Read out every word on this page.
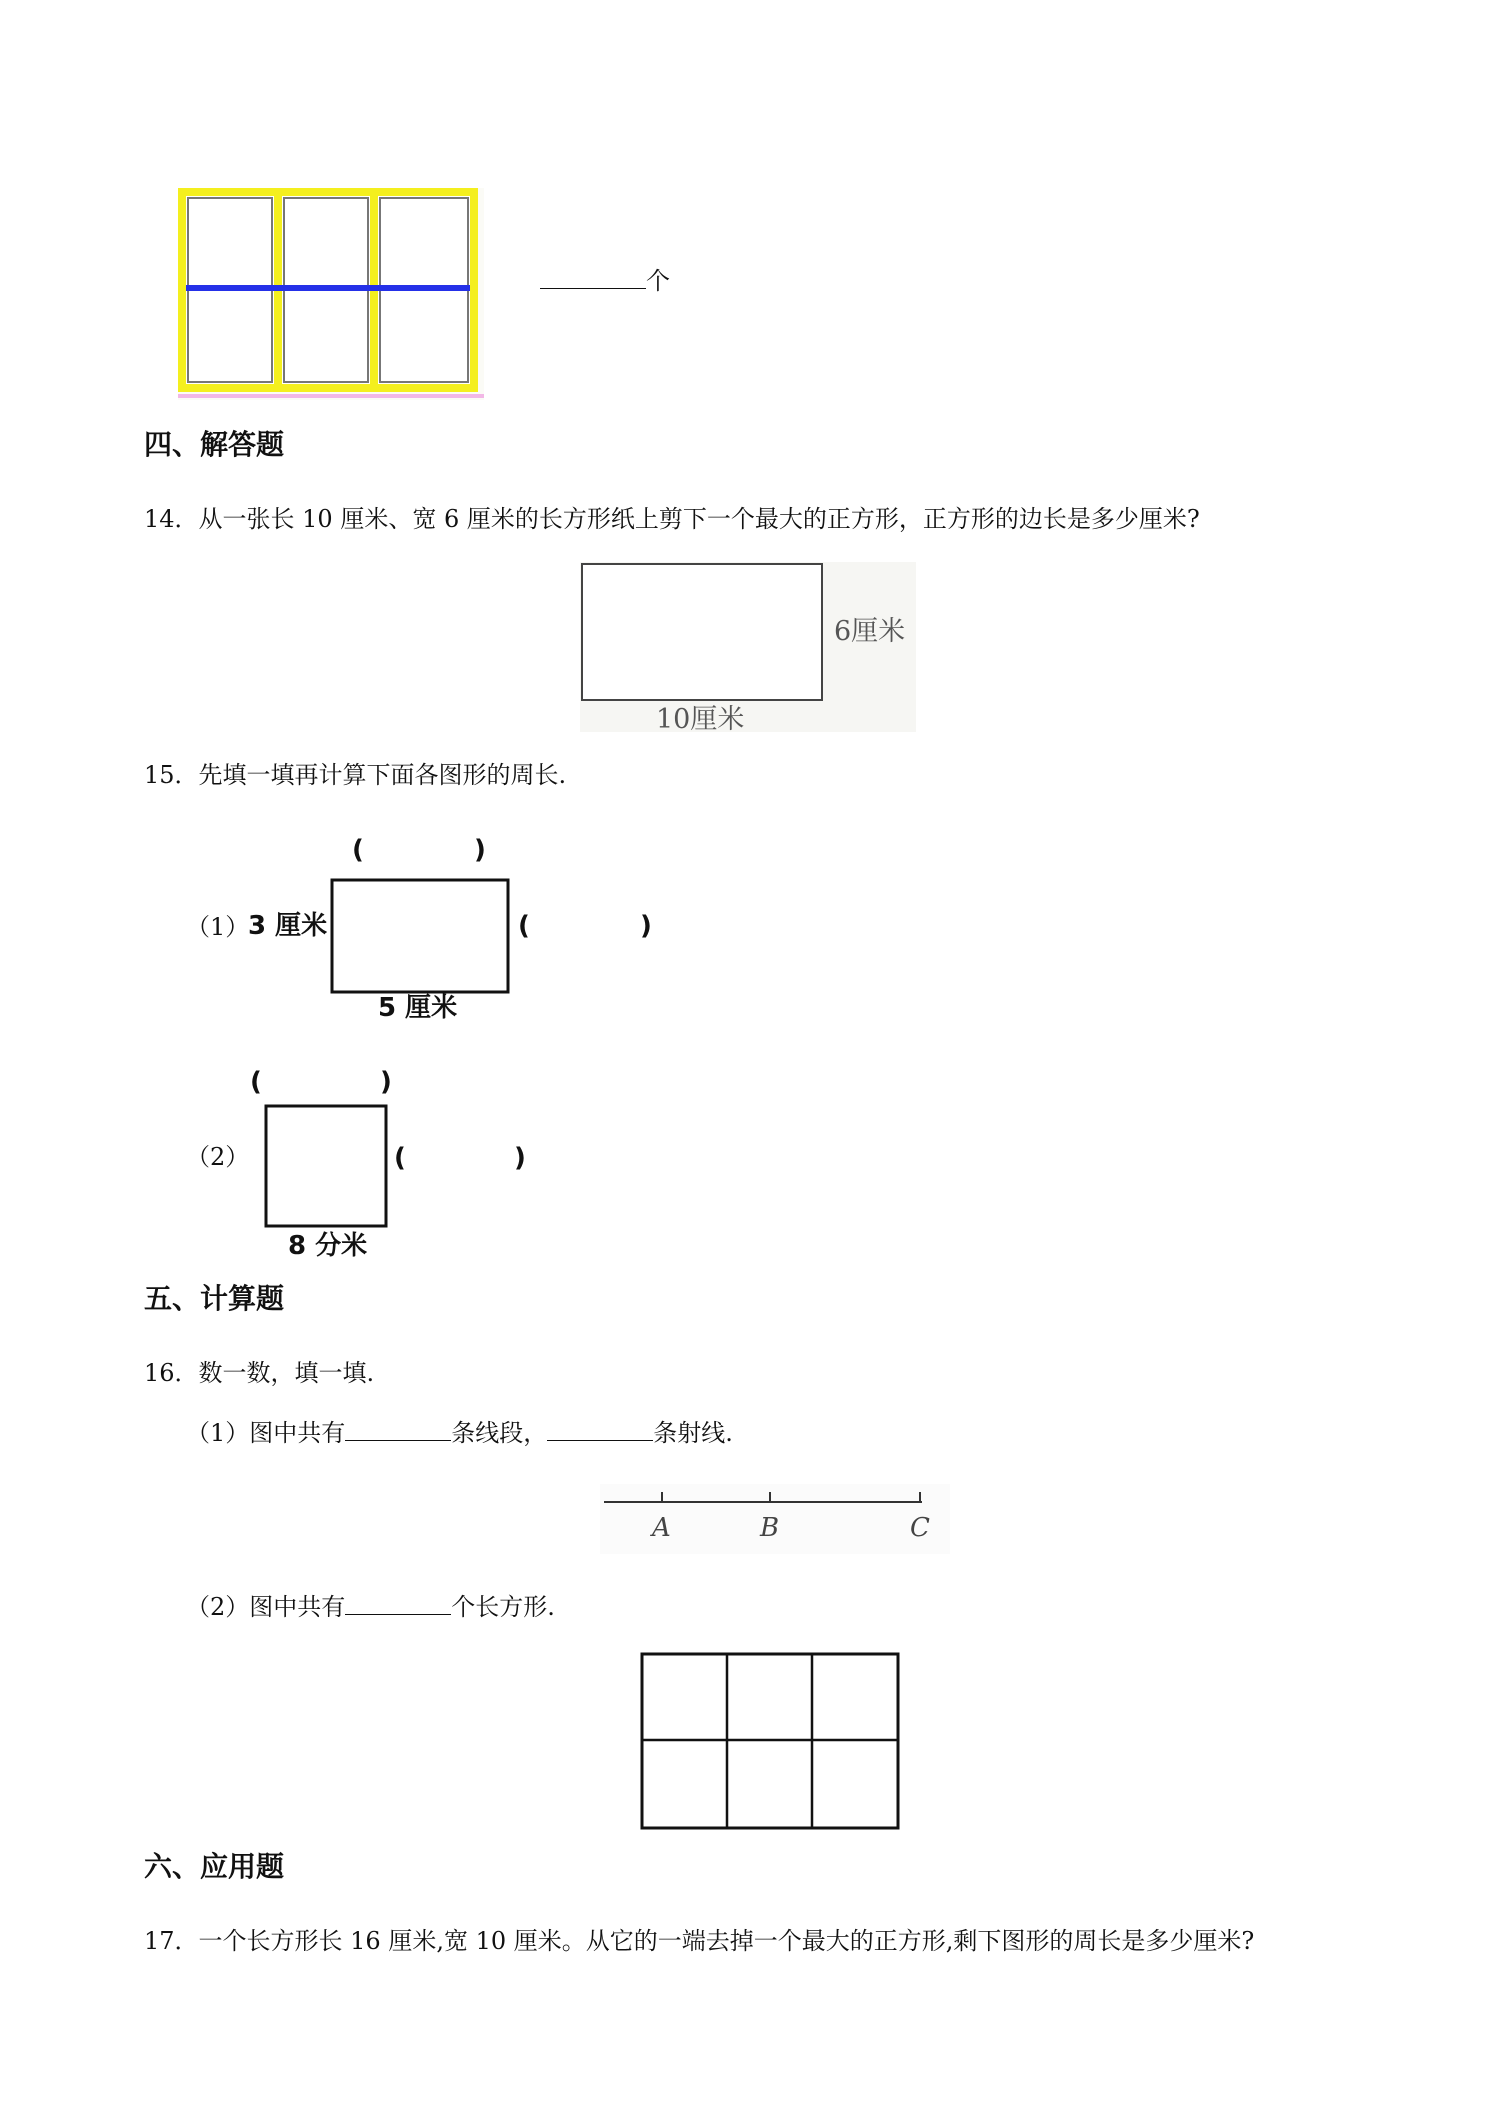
个
四、解答题
14．从一张长 10 厘米、宽 6 厘米的长方形纸上剪下一个最大的正方形，正方形的边长是多少厘米?
6厘米
10厘米
15．先填一填再计算下面各图形的周长.
（1）
(	)
3 厘米	(	)
5 厘米
（2）
(	)
(	)
8 分米
五、计算题
16．数一数，填一填.
（1）图中共有	条线段，	条射线.
A	B	C
（2）图中共有	个长方形.
六、应用题
17．一个长方形长 16 厘米,宽 10 厘米。从它的一端去掉一个最大的正方形,剩下图形的周长是多少厘米?
